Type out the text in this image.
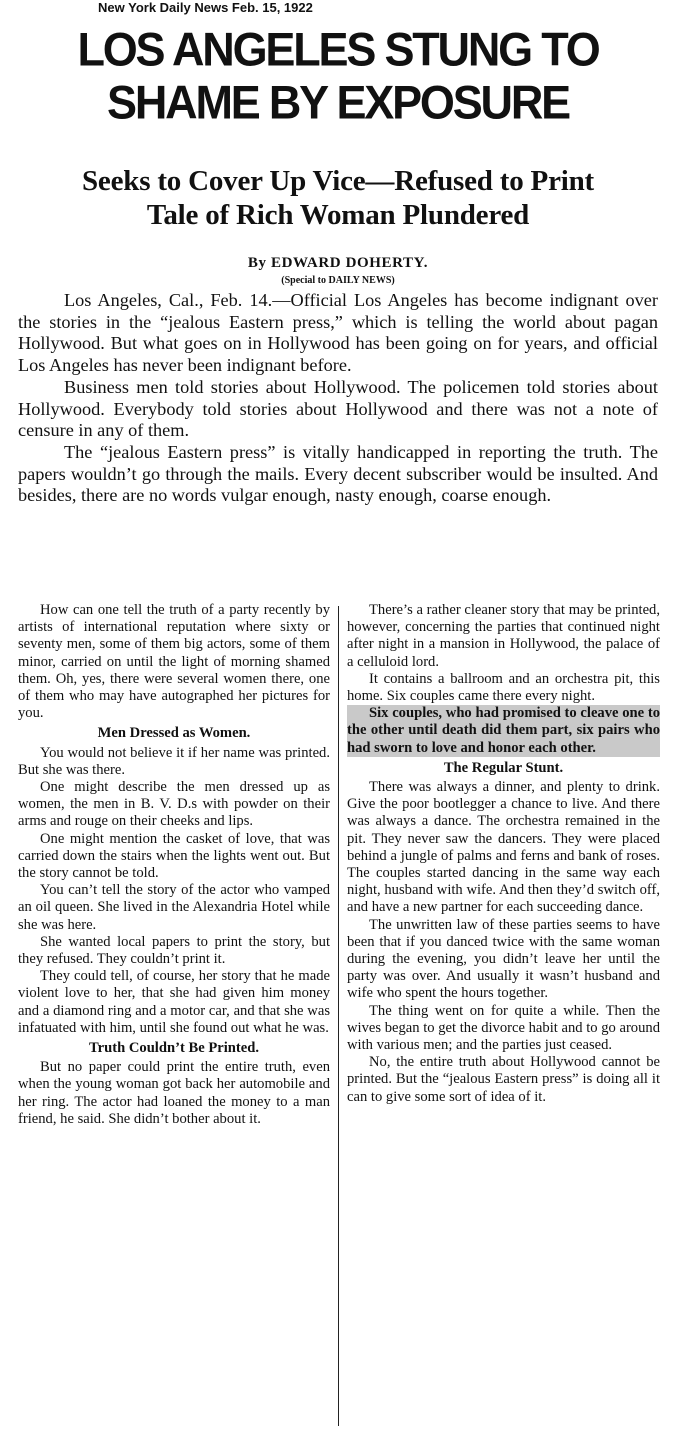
New York Daily News Feb. 15, 1922
LOS ANGELES STUNG TO
SHAME BY EXPOSURE
Seeks to Cover Up Vice—Refused to Print
Tale of Rich Woman Plundered
By EDWARD DOHERTY.
(Special to DAILY NEWS)

Los Angeles, Cal., Feb. 14.—Official Los Angeles has become indignant over the stories in the “jealous Eastern press,” which is telling the world about pagan Hollywood. But what goes on in Hollywood has been going on for years, and official Los Angeles has never been indignant before.

Business men told stories about Hollywood. The policemen told stories about Hollywood. Everybody told stories about Hollywood and there was not a note of censure in any of them.

The “jealous Eastern press” is vitally handicapped in reporting the truth. The papers wouldn’t go through the mails. Every decent subscriber would be insulted. And besides, there are no words vulgar enough, nasty enough, coarse enough.

How can one tell the truth of a party recently by artists of international reputation where sixty or seventy men, some of them big actors, some of them minor, carried on until the light of morning shamed them. Oh, yes, there were several women there, one of them who may have autographed her pictures for you.

Men Dressed as Women.

You would not believe it if her name was printed. But she was there.

One might describe the men dressed up as women, the men in B. V. D.s with powder on their arms and rouge on their cheeks and lips.

One might mention the casket of love, that was carried down the stairs when the lights went out. But the story cannot be told.

You can’t tell the story of the actor who vamped an oil queen. She lived in the Alexandria Hotel while she was here.

She wanted local papers to print the story, but they refused. They couldn’t print it.

They could tell, of course, her story that he made violent love to her, that she had given him money and a diamond ring and a motor car, and that she was infatuated with him, until she found out what he was.

Truth Couldn’t Be Printed.

But no paper could print the entire truth, even when the young woman got back her automobile and her ring. The actor had loaned the money to a man friend, he said. She didn’t bother about it.

There’s a rather cleaner story that may be printed, however, concerning the parties that continued night after night in a mansion in Hollywood, the palace of a celluloid lord.

It contains a ballroom and an orchestra pit, this home. Six couples came there every night.

Six couples, who had promised to cleave one to the other until death did them part, six pairs who had sworn to love and honor each other.

The Regular Stunt.

There was always a dinner, and plenty to drink. Give the poor bootlegger a chance to live. And there was always a dance. The orchestra remained in the pit. They never saw the dancers. They were placed behind a jungle of palms and ferns and bank of roses. The couples started dancing in the same way each night, husband with wife. And then they’d switch off, and have a new partner for each succeeding dance.

The unwritten law of these parties seems to have been that if you danced twice with the same woman during the evening, you didn’t leave her until the party was over. And usually it wasn’t husband and wife who spent the hours together.

The thing went on for quite a while. Then the wives began to get the divorce habit and to go around with various men; and the parties just ceased.

No, the entire truth about Hollywood cannot be printed. But the “jealous Eastern press” is doing all it can to give some sort of idea of it.
